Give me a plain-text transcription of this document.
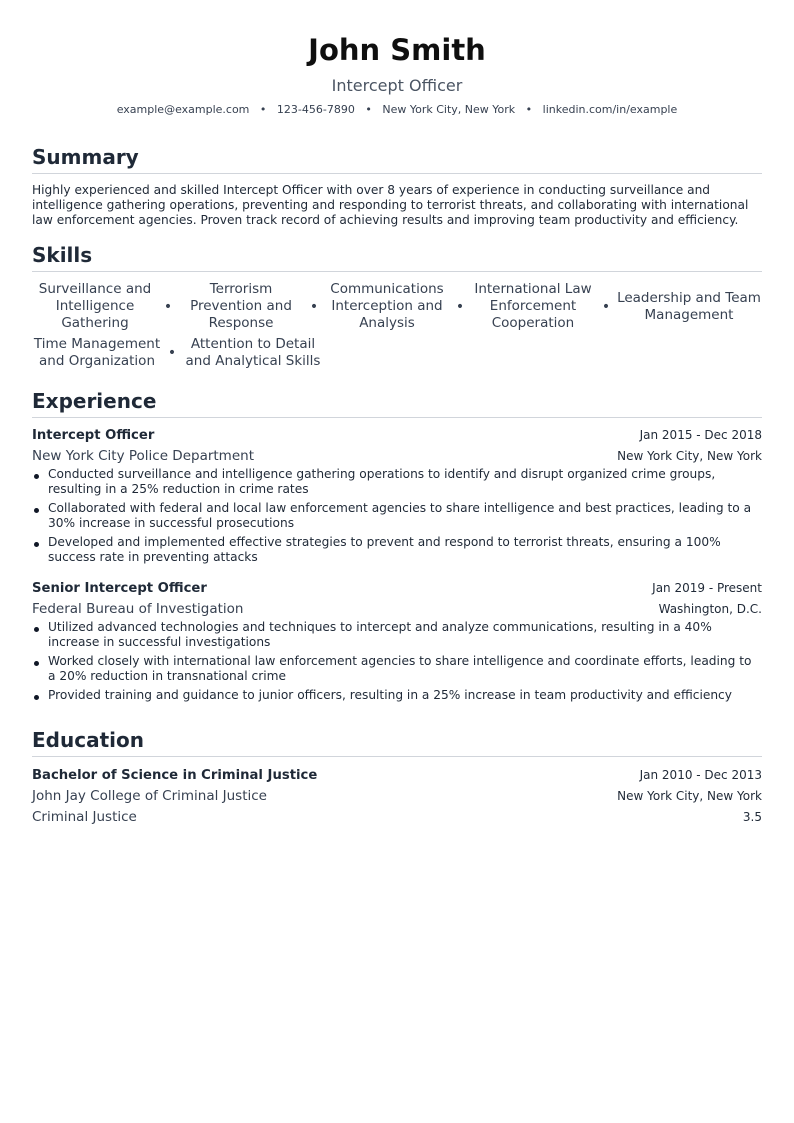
John Smith
Intercept Officer
example@example.com • 123-456-7890 • New York City, New York • linkedin.com/in/example
Summary
Highly experienced and skilled Intercept Officer with over 8 years of experience in conducting surveillance and intelligence gathering operations, preventing and responding to terrorist threats, and collaborating with international law enforcement agencies. Proven track record of achieving results and improving team productivity and efficiency.
Skills
Surveillance and Intelligence Gathering
•
Terrorism Prevention and Response
•
Communications Interception and Analysis
•
International Law Enforcement Cooperation
•
Leadership and Team Management
Time Management and Organization •
Attention to Detail and Analytical Skills
Experience
Intercept Officer	Jan 2015 - Dec 2018
New York City Police Department	New York City, New York
Conducted surveillance and intelligence gathering operations to identify and disrupt organized crime groups, resulting in a 25% reduction in crime rates
Collaborated with federal and local law enforcement agencies to share intelligence and best practices, leading to a 30% increase in successful prosecutions
Developed and implemented effective strategies to prevent and respond to terrorist threats, ensuring a 100% success rate in preventing attacks
Senior Intercept Officer	Jan 2019 - Present
Federal Bureau of Investigation	Washington, D.C.
Utilized advanced technologies and techniques to intercept and analyze communications, resulting in a 40% increase in successful investigations
Worked closely with international law enforcement agencies to share intelligence and coordinate efforts, leading to a 20% reduction in transnational crime
Provided training and guidance to junior officers, resulting in a 25% increase in team productivity and efficiency
Education
Bachelor of Science in Criminal Justice	Jan 2010 - Dec 2013
John Jay College of Criminal Justice	New York City, New York
Criminal Justice	3.5
